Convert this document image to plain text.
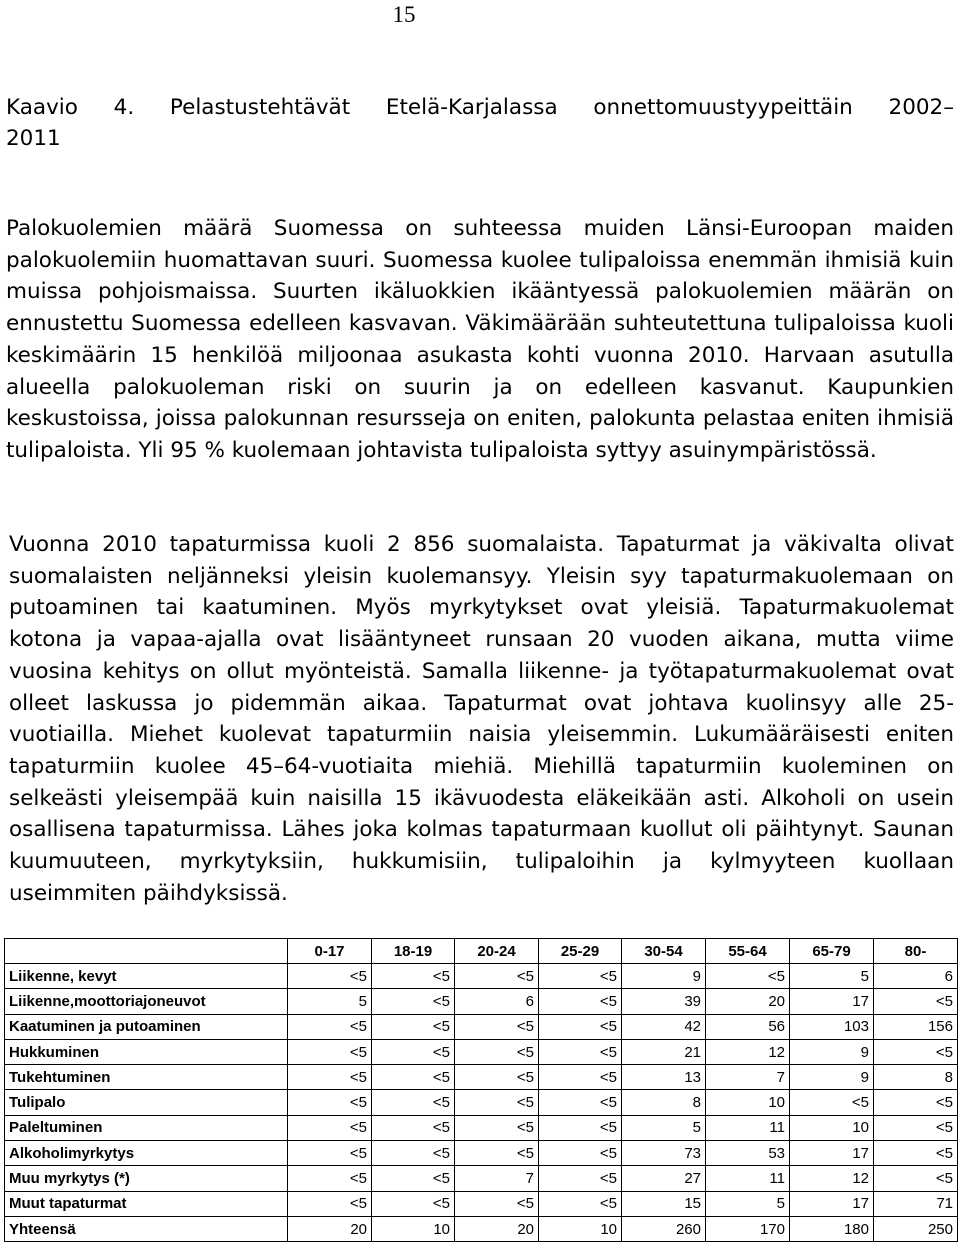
15

Kaavio 4. Pelastustehtävät Etelä-Karjalassa onnettomuustyypeittäin 2002–

2011

Palokuolemien määrä Suomessa on suhteessa muiden Länsi-Euroopan maiden palokuolemiin huomattavan suuri. Suomessa kuolee tulipaloissa enemmän ihmisiä kuin muissa pohjoismaissa. Suurten ikäluokkien ikääntyessä palokuolemien määrän on ennustettu Suomessa edelleen kasvavan. Väkimäärään suhteutettuna tulipaloissa kuoli keskimäärin 15 henkilöä miljoonaa asukasta kohti vuonna 2010. Harvaan asutulla alueella palokuoleman riski on suurin ja on edelleen kasvanut. Kaupunkien keskustoissa, joissa palokunnan resursseja on eniten, palokunta pelastaa eniten ihmisiä tulipaloista. Yli 95 % kuolemaan johtavista tulipaloista syttyy asuinympäristössä.

Vuonna 2010 tapaturmissa kuoli 2 856 suomalaista. Tapaturmat ja väkivalta olivat suomalaisten neljänneksi yleisin kuolemansyy. Yleisin syy tapaturmakuolemaan on putoaminen tai kaatuminen. Myös myrkytykset ovat yleisiä. Tapaturmakuolemat kotona ja vapaa-ajalla ovat lisääntyneet runsaan 20 vuoden aikana, mutta viime vuosina kehitys on ollut myönteistä. Samalla liikenne- ja työtapaturmakuolemat ovat olleet laskussa jo pidemmän aikaa. Tapaturmat ovat johtava kuolinsyy alle 25-vuotiailla. Miehet kuolevat tapaturmiin naisia yleisemmin. Lukumääräisesti eniten tapaturmiin kuolee 45–64-vuotiaita miehiä. Miehillä tapaturmiin kuoleminen on selkeästi yleisempää kuin naisilla 15 ikävuodesta eläkeikään asti. Alkoholi on usein osallisena tapaturmissa. Lähes joka kolmas tapaturmaan kuollut oli päihtynyt. Saunan kuumuuteen, myrkytyksiin, hukkumisiin, tulipaloihin ja kylmyyteen kuollaan useimmiten päihdyksissä.

	0-17	18-19	20-24	25-29	30-54	55-64	65-79	80-
Liikenne, kevyt	<5	<5	<5	<5	9	<5	5	6
Liikenne,moottoriajoneuvot	5	<5	6	<5	39	20	17	<5
Kaatuminen ja putoaminen	<5	<5	<5	<5	42	56	103	156
Hukkuminen	<5	<5	<5	<5	21	12	9	<5
Tukehtuminen	<5	<5	<5	<5	13	7	9	8
Tulipalo	<5	<5	<5	<5	8	10	<5	<5
Paleltuminen	<5	<5	<5	<5	5	11	10	<5
Alkoholimyrkytys	<5	<5	<5	<5	73	53	17	<5
Muu myrkytys (*)	<5	<5	7	<5	27	11	12	<5
Muut tapaturmat	<5	<5	<5	<5	15	5	17	71
Yhteensä	20	10	20	10	260	170	180	250
